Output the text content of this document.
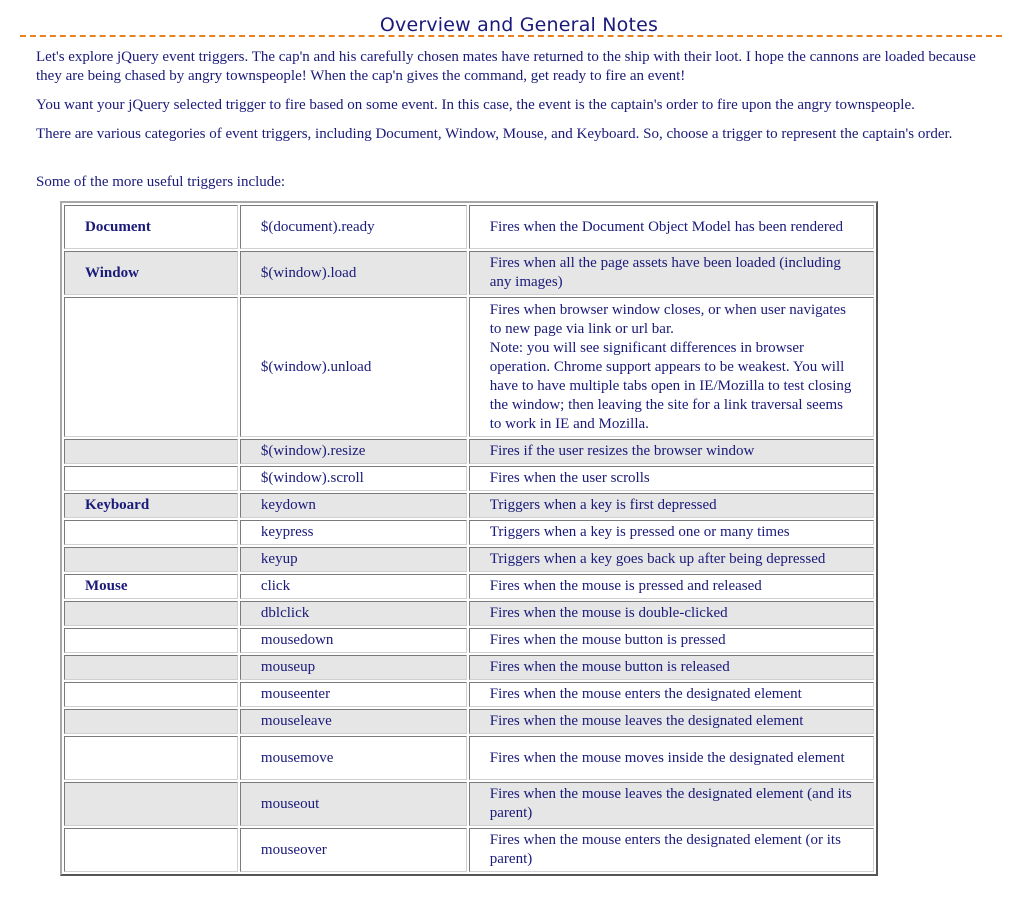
Overview and General Notes

Let's explore jQuery event triggers. The cap'n and his carefully chosen mates have returned to the ship with their loot. I hope the cannons are loaded because they are being chased by angry townspeople! When the cap'n gives the command, get ready to fire an event!

You want your jQuery selected trigger to fire based on some event. In this case, the event is the captain's order to fire upon the angry townspeople.

There are various categories of event triggers, including Document, Window, Mouse, and Keyboard. So, choose a trigger to represent the captain's order.

Some of the more useful triggers include:

Document	$(document).ready	Fires when the Document Object Model has been rendered
Window	$(window).load	Fires when all the page assets have been loaded (including any images)
	$(window).unload	Fires when browser window closes, or when user navigates to new page via link or url bar.
Note: you will see significant differences in browser operation. Chrome support appears to be weakest. You will have to have multiple tabs open in IE/Mozilla to test closing the window; then leaving the site for a link traversal seems to work in IE and Mozilla.
	$(window).resize	Fires if the user resizes the browser window
	$(window).scroll	Fires when the user scrolls
Keyboard	keydown	Triggers when a key is first depressed
	keypress	Triggers when a key is pressed one or many times
	keyup	Triggers when a key goes back up after being depressed
Mouse	click	Fires when the mouse is pressed and released
	dblclick	Fires when the mouse is double-clicked
	mousedown	Fires when the mouse button is pressed
	mouseup	Fires when the mouse button is released
	mouseenter	Fires when the mouse enters the designated element
	mouseleave	Fires when the mouse leaves the designated element
	mousemove	Fires when the mouse moves inside the designated element
	mouseout	Fires when the mouse leaves the designated element (and its parent)
	mouseover	Fires when the mouse enters the designated element (or its parent)
